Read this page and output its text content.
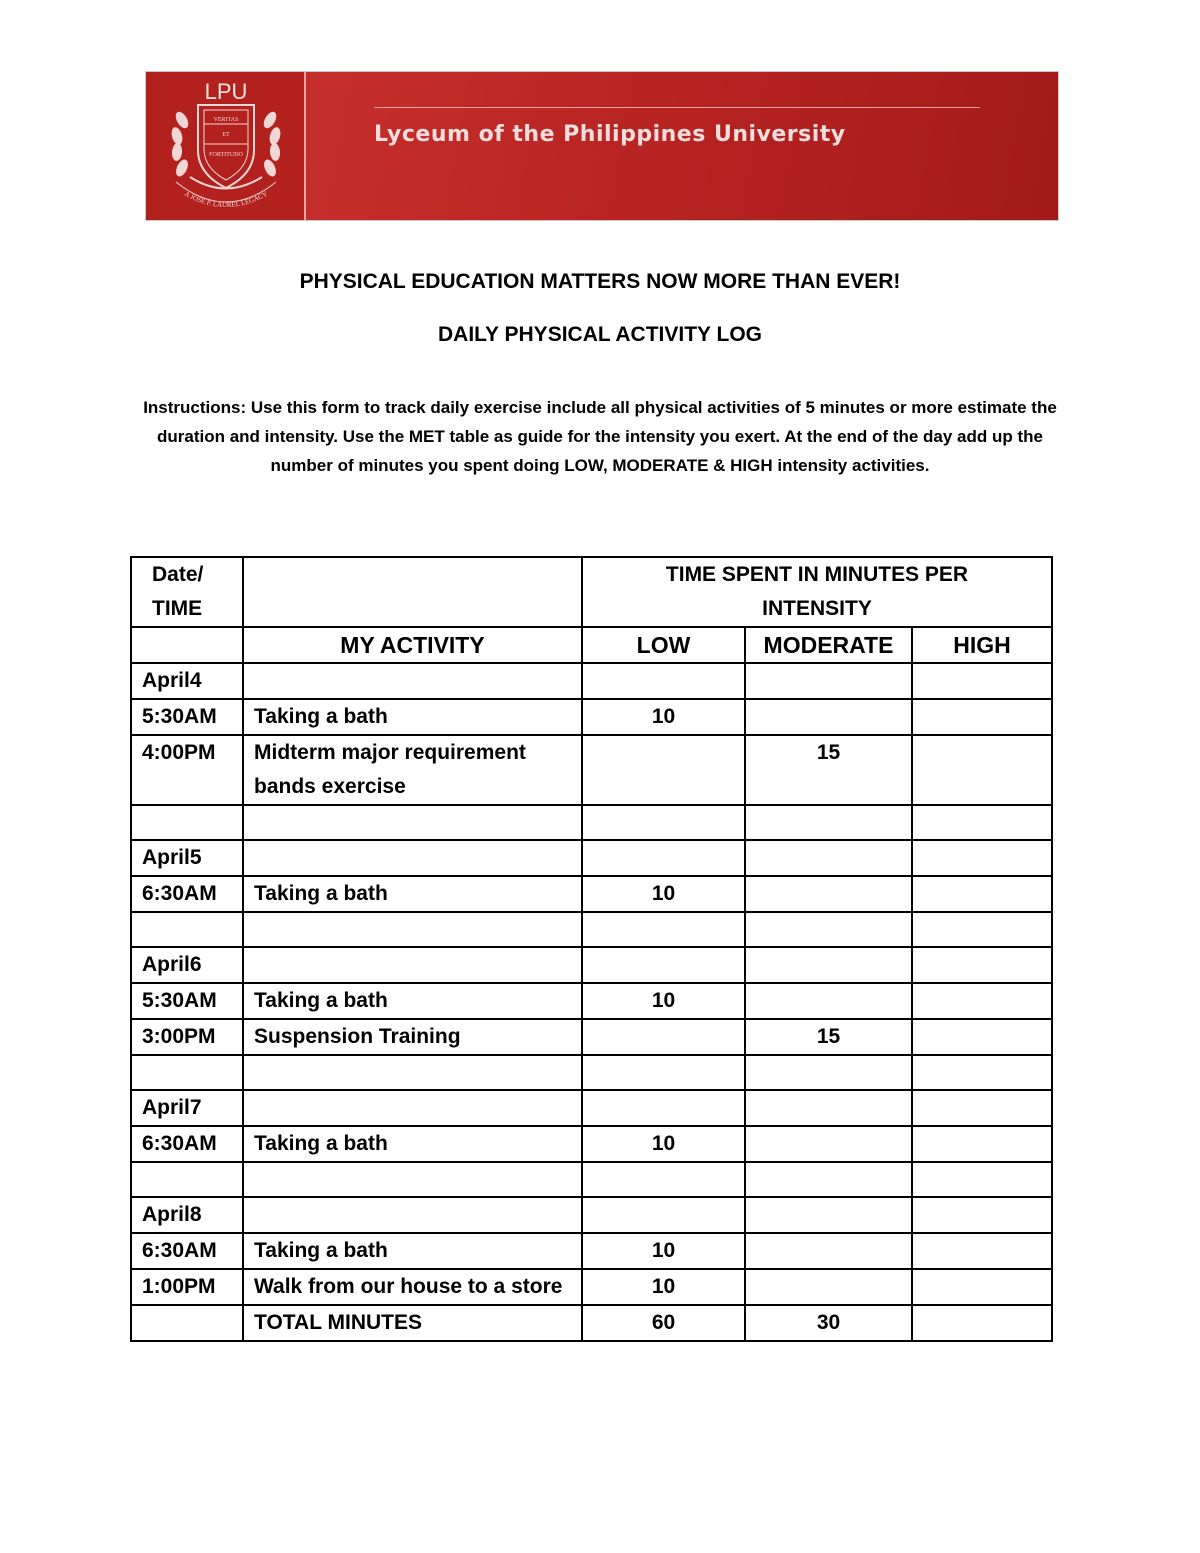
LPU
VERITAS
ET
FORTITUDO
A JOSE P. LAUREL LEGACY
Lyceum of the Philippines University
PHYSICAL EDUCATION MATTERS NOW MORE THAN EVER!
DAILY PHYSICAL ACTIVITY LOG
Instructions: Use this form to track daily exercise include all physical activities of 5 minutes or more estimate the duration and intensity. Use the MET table as guide for the intensity you exert. At the end of the day add up the number of minutes you spent doing LOW, MODERATE & HIGH intensity activities.
Date/
TIME		TIME SPENT IN MINUTES PER INTENSITY		
	MY ACTIVITY	LOW	MODERATE	HIGH
April4				
5:30AM	Taking a bath	10		
4:00PM	Midterm major requirement bands exercise		15	

April5				
6:30AM	Taking a bath	10		

April6				
5:30AM	Taking a bath	10		
3:00PM	Suspension Training		15	

April7				
6:30AM	Taking a bath	10		

April8				
6:30AM	Taking a bath	10		
1:00PM	Walk from our house to a store	10		
	TOTAL MINUTES	60	30	
